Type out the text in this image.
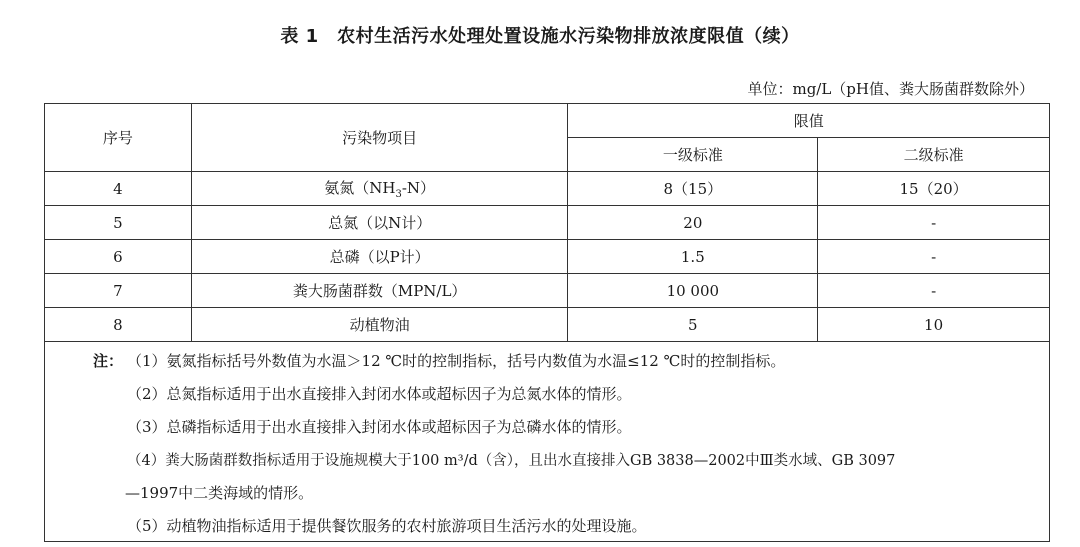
表 1　农村生活污水处理处置设施水污染物排放浓度限值（续）
单位：mg/L（pH值、粪大肠菌群数除外）
序号	污染物项目	限值	
		一级标准	二级标准
4	氨氮$(NH_3-N)$	8（15）	15（20）
5	总氮（以N计）	20	-
6	总磷（以P计）	1.5	-
7	粪大肠菌群数（MPN/L）	10 000	-
8	动植物油	5	10
注： （1）氨氮指标括号外数值为水温＞12 ℃时的控制指标，括号内数值为水温≤12 ℃时的控制指标。
（2）总氮指标适用于出水直接排入封闭水体或超标因子为总氮水体的情形。
（3）总磷指标适用于出水直接排入封闭水体或超标因子为总磷水体的情形。
（4）粪大肠菌群数指标适用于设施规模大于100 m³/d（含），且出水直接排入GB 3838—2002中Ⅲ类水域、GB 3097
—1997中二类海域的情形。
（5）动植物油指标适用于提供餐饮服务的农村旅游项目生活污水的处理设施。
